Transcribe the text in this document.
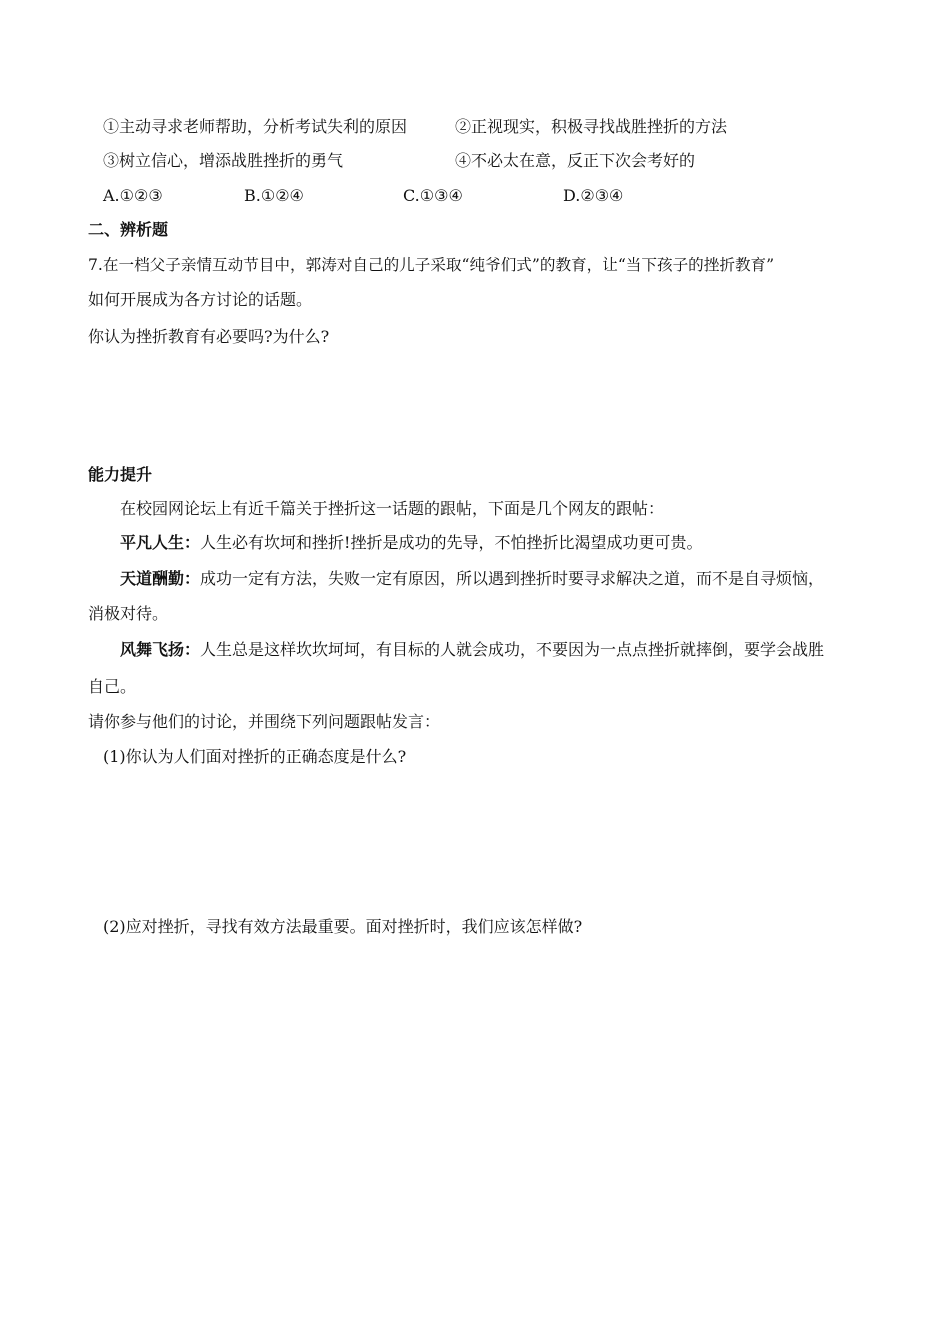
①主动寻求老师帮助，分析考试失利的原因	②正视现实，积极寻找战胜挫折的方法
③树立信心，增添战胜挫折的勇气	④不必太在意，反正下次会考好的
A.①②③	B.①②④	C.①③④	D.②③④
二、辨析题
7.在一档父子亲情互动节目中，郭涛对自己的儿子采取“纯爷们式”的教育，让“当下孩子的挫折教育”
如何开展成为各方讨论的话题。
你认为挫折教育有必要吗?为什么?
能力提升
在校园网论坛上有近千篇关于挫折这一话题的跟帖，下面是几个网友的跟帖：
平凡人生：人生必有坎坷和挫折!挫折是成功的先导，不怕挫折比渴望成功更可贵。
天道酬勤：成功一定有方法，失败一定有原因，所以遇到挫折时要寻求解决之道，而不是自寻烦恼，
消极对待。
风舞飞扬：人生总是这样坎坎坷坷，有目标的人就会成功，不要因为一点点挫折就摔倒，要学会战胜
自己。
请你参与他们的讨论，并围绕下列问题跟帖发言：
(1)你认为人们面对挫折的正确态度是什么?
(2)应对挫折，寻找有效方法最重要。面对挫折时，我们应该怎样做?
